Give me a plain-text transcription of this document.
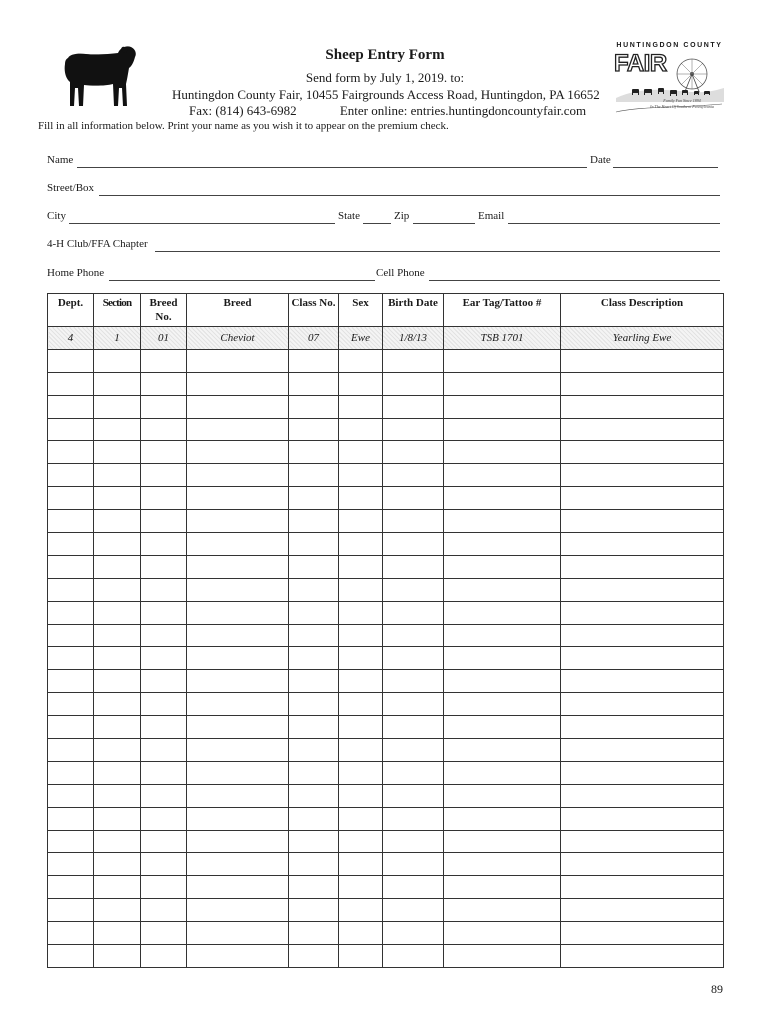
Sheep Entry Form
Send form by July 1, 2019. to:
Huntingdon County Fair, 10455 Fairgrounds Access Road, Huntingdon, PA 16652
Fax: (814) 643-6982	Enter online: entries.huntingdoncountyfair.com
Fill in all information below. Print your name as you wish it to appear on the premium check.
HUNTINGDON COUNTY
FAIR
Family Fun Since 1894
In The Heart Of Southern Pennsylvania
Name	Date
Street/Box
City	State	Zip	Email
4-H Club/FFA Chapter
Home Phone	Cell Phone
Dept.	Section	Breed No.	Breed	Class No.	Sex	Birth Date	Ear Tag/Tattoo #	Class Description
4	1	01	Cheviot	07	Ewe	1/8/13	TSB 1701	Yearling Ewe

89
